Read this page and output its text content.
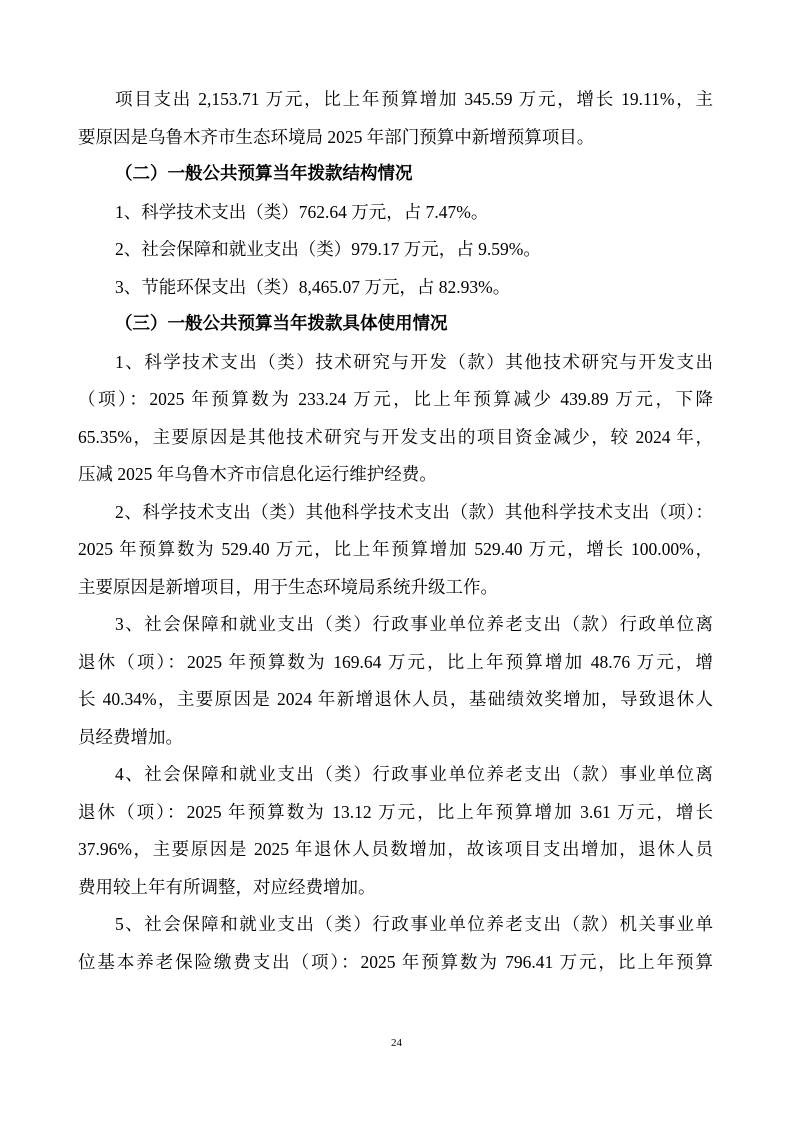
项目支出 2,153.71 万元，比上年预算增加 345.59 万元，增长 19.11%，主
要原因是乌鲁木齐市生态环境局 2025 年部门预算中新增预算项目。
（二）一般公共预算当年拨款结构情况
1、科学技术支出（类）762.64 万元，占 7.47%。
2、社会保障和就业支出（类）979.17 万元，占 9.59%。
3、节能环保支出（类）8,465.07 万元，占 82.93%。
（三）一般公共预算当年拨款具体使用情况
1、科学技术支出（类）技术研究与开发（款）其他技术研究与开发支出
（项）：2025 年预算数为 233.24 万元，比上年预算减少 439.89 万元，下降
65.35%，主要原因是其他技术研究与开发支出的项目资金减少，较 2024 年，
压减 2025 年乌鲁木齐市信息化运行维护经费。
2、科学技术支出（类）其他科学技术支出（款）其他科学技术支出（项）：
2025 年预算数为 529.40 万元，比上年预算增加 529.40 万元，增长 100.00%，
主要原因是新增项目，用于生态环境局系统升级工作。
3、社会保障和就业支出（类）行政事业单位养老支出（款）行政单位离
退休（项）：2025 年预算数为 169.64 万元，比上年预算增加 48.76 万元，增
长 40.34%，主要原因是 2024 年新增退休人员，基础绩效奖增加，导致退休人
员经费增加。
4、社会保障和就业支出（类）行政事业单位养老支出（款）事业单位离
退休（项）：2025 年预算数为 13.12 万元，比上年预算增加 3.61 万元，增长
37.96%，主要原因是 2025 年退休人员数增加，故该项目支出增加，退休人员
费用较上年有所调整，对应经费增加。
5、社会保障和就业支出（类）行政事业单位养老支出（款）机关事业单
位基本养老保险缴费支出（项）：2025 年预算数为 796.41 万元，比上年预算
24
